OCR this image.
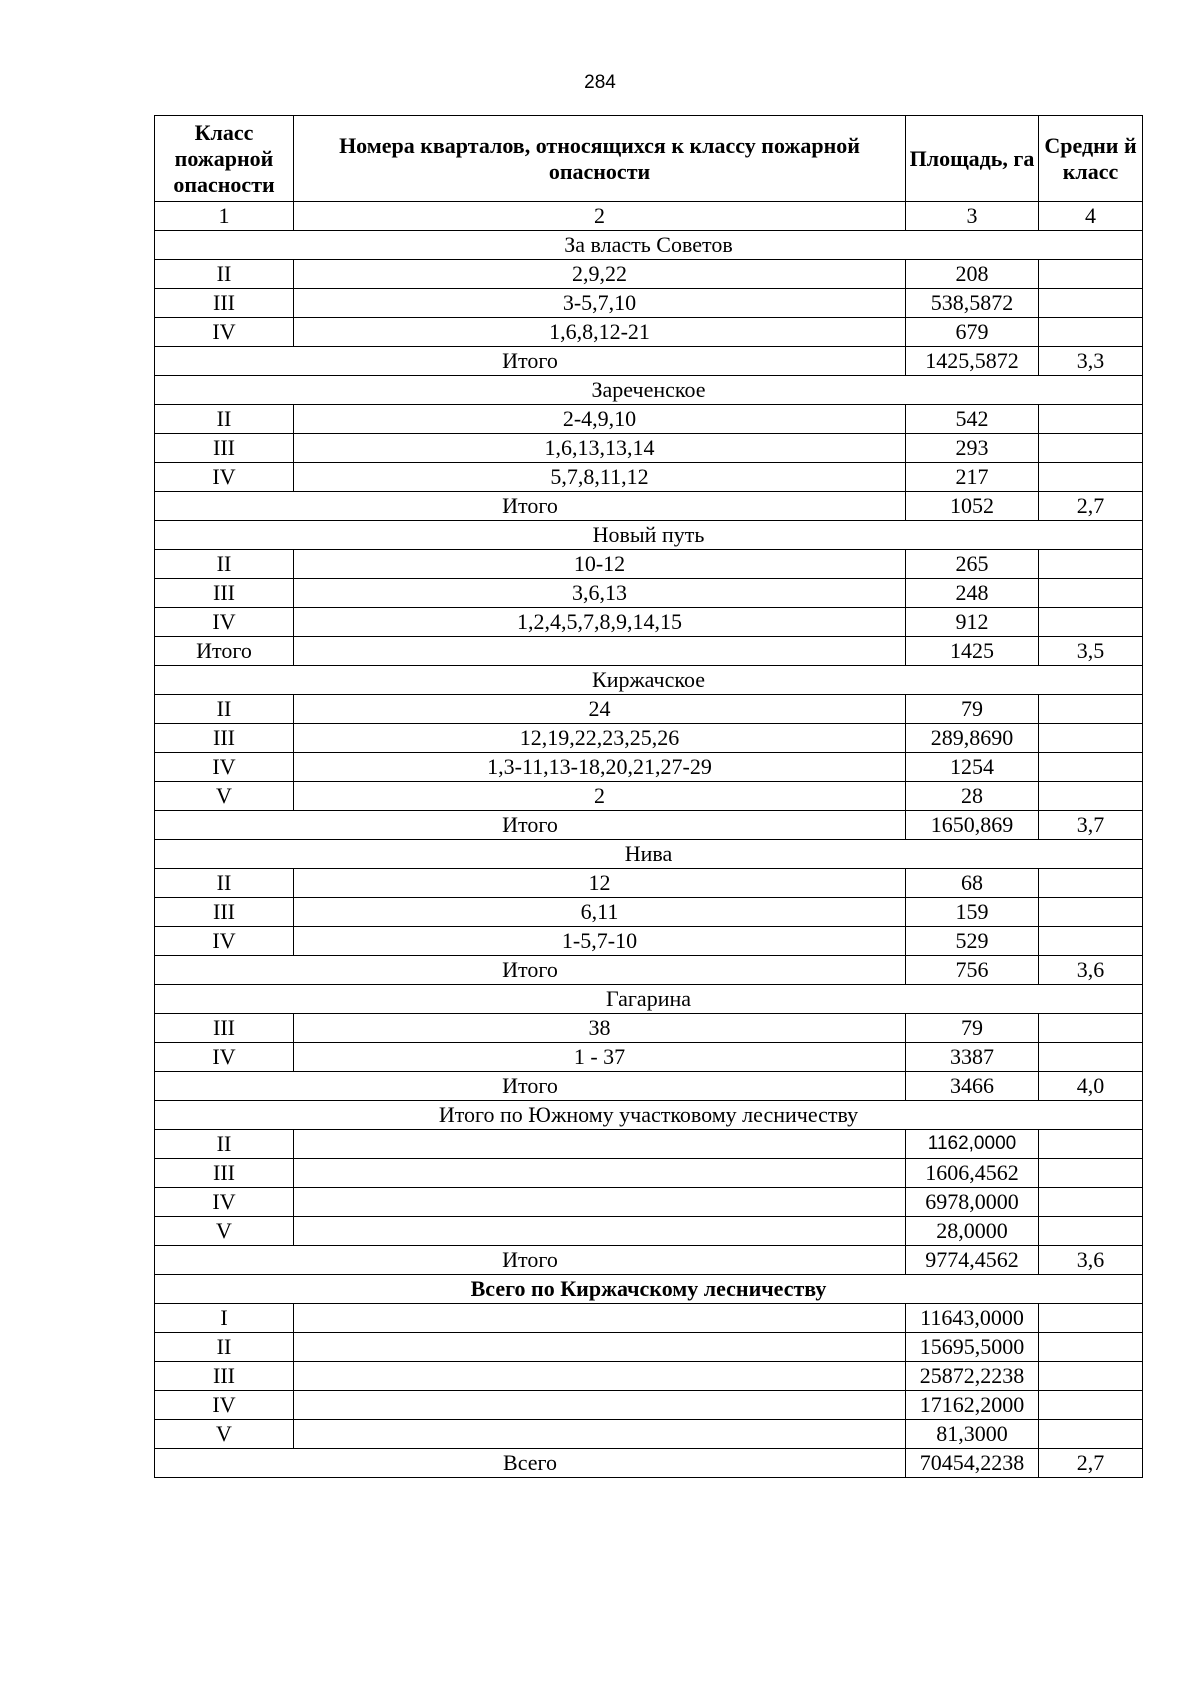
284
Класс пожарной опасности	Номера кварталов, относящихся к классу пожарной опасности	Площадь, га	Средни й класс
1	2	3	4
За власть Советов			
II	2,9,22	208	
III	3-5,7,10	538,5872	
IV	1,6,8,12-21	679	
Итого		1425,5872	3,3
Зареченское			
II	2-4,9,10	542	
III	1,6,13,13,14	293	
IV	5,7,8,11,12	217	
Итого		1052	2,7
Новый путь			
II	10-12	265	
III	3,6,13	248	
IV	1,2,4,5,7,8,9,14,15	912	
Итого		1425	3,5
Киржачское			
II	24	79	
III	12,19,22,23,25,26	289,8690	
IV	1,3-11,13-18,20,21,27-29	1254	
V	2	28	
Итого		1650,869	3,7
Нива			
II	12	68	
III	6,11	159	
IV	1-5,7-10	529	
Итого		756	3,6
Гагарина			
III	38	79	
IV	1 - 37	3387	
Итого		3466	4,0
Итого по Южному участковому лесничеству			
II		1162,0000	
III		1606,4562	
IV		6978,0000	
V		28,0000	
Итого		9774,4562	3,6
Всего по Киржачскому лесничеству			
I		11643,0000	
II		15695,5000	
III		25872,2238	
IV		17162,2000	
V		81,3000	
Всего		70454,2238	2,7
